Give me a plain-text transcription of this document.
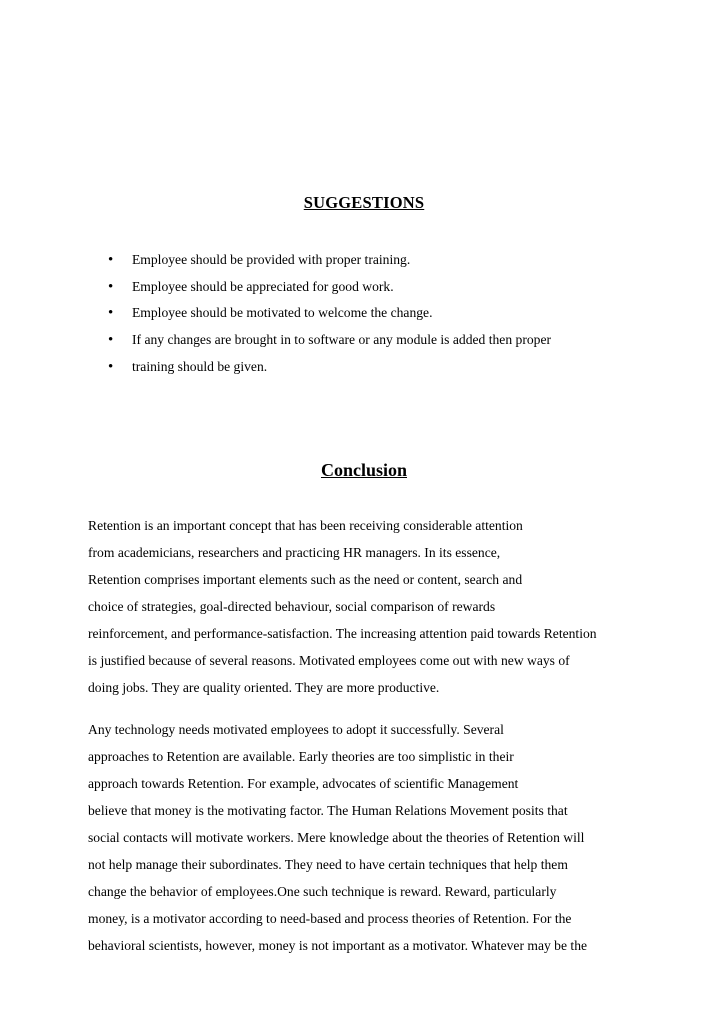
SUGGESTIONS
• Employee should be provided with proper training.
• Employee should be appreciated for good work.
• Employee should be motivated to welcome the change.
• If any changes are brought in to software or any module is added then proper
• training should be given.
Conclusion
Retention is an important concept that has been receiving considerable attention
from academicians, researchers and practicing HR managers. In its essence,
Retention comprises important elements such as the need or content, search and
choice of strategies, goal-directed behaviour, social comparison of rewards
reinforcement, and performance-satisfaction. The increasing attention paid towards Retention
is justified because of several reasons. Motivated employees come out with new ways of
doing jobs. They are quality oriented. They are more productive.
Any technology needs motivated employees to adopt it successfully. Several
approaches to Retention are available. Early theories are too simplistic in their
approach towards Retention. For example, advocates of scientific Management
believe that money is the motivating factor. The Human Relations Movement posits that
social contacts will motivate workers. Mere knowledge about the theories of Retention will
not help manage their subordinates. They need to have certain techniques that help them
change the behavior of employees.One such technique is reward. Reward, particularly
money, is a motivator according to need-based and process theories of Retention. For the
behavioral scientists, however, money is not important as a motivator. Whatever may be the
